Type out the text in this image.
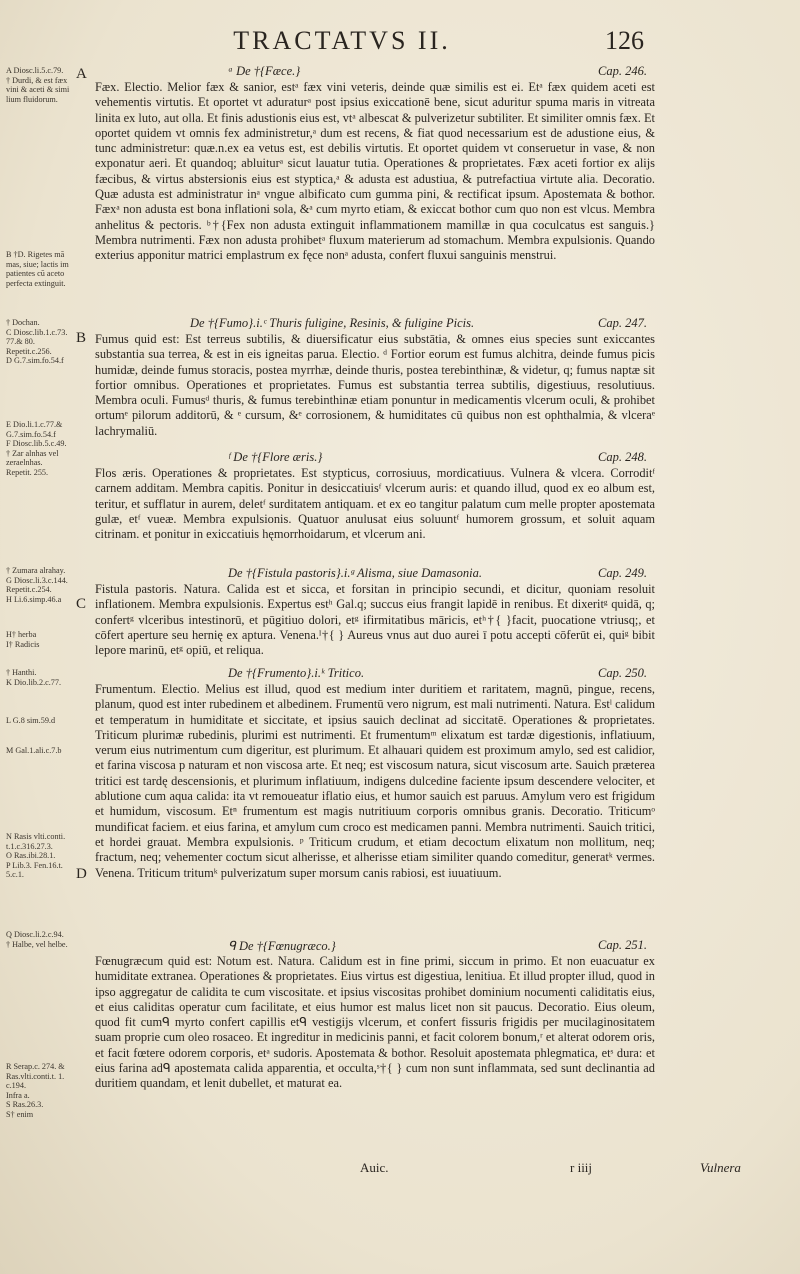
TRACTATVS II.	126
A Diosc.li.5.c.79.
† Durdi, & est fæx
vini & aceti & simi
lium fluidorum.
B †D. Rigetes mā
mas, siue; lactis im
patientes cū aceto
perfecta extinguit.
† Dochan.
C Diosc.lib.1.c.73.
77.& 80.
Repetit.c.256.
D G.7.sim.fo.54.f
E Dio.li.1.c.77.&
G.7.sim.fo.54.f
F Diosc.lib.5.c.49.
† Zar alnhas vel
zeraelnhas.
Repetit. 255.
† Zumara alrahay.
G Diosc.li.3.c.144.
Repetit.c.254.
H Li.6.simp.46.a
H† herba
I† Radicis
† Hanthi.
K Dio.lib.2.c.77.
L G.8 sim.59.d
M Gal.1.ali.c.7.b
N Rasis vlti.conti.
t.1.c.316.27.3.
O Ras.ibi.28.1.
P Lib.3. Fen.16.t.
5.c.1.
Q Diosc.li.2.c.94.
† Halbe, vel helbe.
R Serap.c. 274. &
Ras.vlti.conti.t. 1.
c.194.
Infra a.
S Ras.26.3.
S† enim
A	ᵃ De †{Fæce.}	Cap. 246.
Fæx. Electio. Melior fæx & sanior, estᵃ fæx vini veteris, deinde quæ similis est ei. Etᵃ fæx quidem aceti est vehementis virtutis. Et oportet vt aduraturᵃ post ipsius exiccationē bene, sicut aduritur spuma maris in vitreata linita ex luto, aut olla. Et finis adustionis eius est, vtᵃ albescat & pulverizetur subtiliter. Et similiter omnis fæx. Et oportet quidem vt omnis fex administretur,ᵃ dum est recens, & fiat quod necessarium est de adustione eius, & tunc administretur: quæ.n.ex ea vetus est, est debilis virtutis. Et oportet quidem vt conseruetur in vase, & non exponatur aeri. Et quandoq; abluiturᵃ sicut lauatur tutia. Operationes & proprietates. Fæx aceti fortior ex alijs fæcibus, & virtus abstersionis eius est styptica,ᵃ & adusta est adustiua, & putrefactiua virtute alia. Decoratio. Quæ adusta est administratur inᵃ vngue albificato cum gumma pini, & rectificat ipsum. Apostemata & bothor. Fæxᵃ non adusta est bona inflationi sola, &ᵃ cum myrto etiam, & exiccat bothor cum quo non est vlcus. Membra anhelitus & pectoris. ᵇ†{Fex non adusta extinguit inflammationem mamillæ in qua coculcatus est sanguis.} Membra nutrimenti. Fæx non adusta prohibetᵃ fluxum materierum ad stomachum. Membra expulsionis. Quando exterius apponitur matrici emplastrum ex fęce nonᵃ adusta, confert fluxui sanguinis menstrui.
B
De †{Fumo}.i.ᶜ Thuris fuligine, Resinis, & fuligine Picis.	Cap. 247.
Fumus quid est: Est terreus subtilis, & diuersificatur eius substātia, & omnes eius species sunt exiccantes substantia sua terrea, & est in eis igneitas parua. Electio. ᵈ Fortior eorum est fumus alchitra, deinde fumus picis humidæ, deinde fumus storacis, postea myrrhæ, deinde thuris, postea terebinthinæ, & videtur, q; fumus naptæ sit fortior omnibus. Operationes et proprietates. Fumus est substantia terrea subtilis, digestiuus, resolutiuus. Membra oculi. Fumusᵈ thuris, & fumus terebinthinæ etiam ponuntur in medicamentis vlcerum oculi, & prohibet ortumᵉ pilorum additorū, & ᵉ cursum, &ᵉ corrosionem, & humiditates cū quibus non est ophthalmia, & vlceraᵉ lachrymaliū.
ᶠ De †{Flore æris.}	Cap. 248.
Flos æris. Operationes & proprietates. Est stypticus, corrosiuus, mordicatiuus. Vulnera & vlcera. Corroditᶠ carnem additam. Membra capitis. Ponitur in desiccatiuisᶠ vlcerum auris: et quando illud, quod ex eo album est, teritur, et sufflatur in aurem, deletᶠ surditatem antiquam. et ex eo tangitur palatum cum melle propter apostemata gulæ, etᶠ vueæ. Membra expulsionis. Quatuor anulusat eius soluuntᶠ humorem grossum, et soluit aquam citrinam. et ponitur in exiccatiuis hęmorrhoidarum, et vlcerum ani.
C
De †{Fistula pastoris}.i.ᵍ Alisma, siue Damasonia.	Cap. 249.
Fistula pastoris. Natura. Calida est et sicca, et forsitan in principio secundi, et dicitur, quoniam resoluit inflationem. Membra expulsionis. Expertus estʰ Gal.q; succus eius frangit lapidē in renibus. Et dixeritᵍ quidā, q; confertᵍ vlceribus intestinorū, et pūgitiuo dolori, etᵍ ifirmitatibus māricis, etʰ†{ }facit, puocatione vtriusq;, et cōfert aperture seu hernię ex aptura. Venena.ᴵ†{ } Aureus vnus aut duo aurei ī potu accepti cōferūt ei, quiᵍ bibit lepore marinū, etᵍ opiū, et reliqua.
D
De †{Frumento}.i.ᵏ Tritico.	Cap. 250.
Frumentum. Electio. Melius est illud, quod est medium inter duritiem et raritatem, magnū, pingue, recens, planum, quod est inter rubedinem et albedinem. Frumentū vero nigrum, est mali nutrimenti. Natura. Estˡ calidum et temperatum in humiditate et siccitate, et ipsius sauich declinat ad siccitatē. Operationes & proprietates. Triticum plurimæ rubedinis, plurimi est nutrimenti. Et frumentumᵐ elixatum est tardæ digestionis, inflatiuum, verum eius nutrimentum cum digeritur, est plurimum. Et alhauari quidem est proximum amylo, sed est calidior, et farina viscosa p naturam et non viscosa arte. Et neq; est viscosum natura, sicut viscosum arte. Sauich præterea tritici est tardę descensionis, et plurimum inflatiuum, indigens dulcedine faciente ipsum descendere velociter, et ablutione cum aqua calida: ita vt remoueatur iflatio eius, et humor sauich est paruus. Amylum vero est frigidum et humidum, viscosum. Etⁿ frumentum est magis nutritiuum corporis omnibus granis. Decoratio. Triticumᵒ mundificat faciem. et eius farina, et amylum cum croco est medicamen panni. Membra nutrimenti. Sauich tritici, et hordei grauat. Membra expulsionis. ᵖ Triticum crudum, et etiam decoctum elixatum non mollitum, neq; fractum, neq; vehementer coctum sicut alherisse, et alherisse etiam similiter quando comeditur, generatᵏ vermes. Venena. Triticum tritumᵏ pulverizatum super morsum canis rabiosi, est iuuatiuum.
ᑫ De †{Fœnugræco.}	Cap. 251.
Fœnugræcum quid est: Notum est. Natura. Calidum est in fine primi, siccum in primo. Et non euacuatur ex humiditate extranea. Operationes & proprietates. Eius virtus est digestiua, lenitiua. Et illud propter illud, quod in ipso aggregatur de calidita te cum viscositate. et ipsius viscositas prohibet dominium nocumenti caliditatis eius, et eius caliditas operatur cum facilitate, et eius humor est malus licet non sit paucus. Decoratio. Eius oleum, quod fit cumᑫ myrto confert capillis etᑫ vestigijs vlcerum, et confert fissuris frigidis per mucilaginositatem suam proprie cum oleo rosaceo. Et ingreditur in medicinis panni, et facit colorem bonum,ʳ et alterat odorem oris, et facit fœtere odorem corporis, etᵃ sudoris. Apostemata & bothor. Resoluit apostemata phlegmatica, etˢ dura: et eius farina adᑫ apostemata calida apparentia, et occulta,ˢ†{ } cum non sunt inflammata, sed sunt declinantia ad duritiem quandam, et lenit dubellet, et maturat ea.
Auic.	r iiij	Vulnera
